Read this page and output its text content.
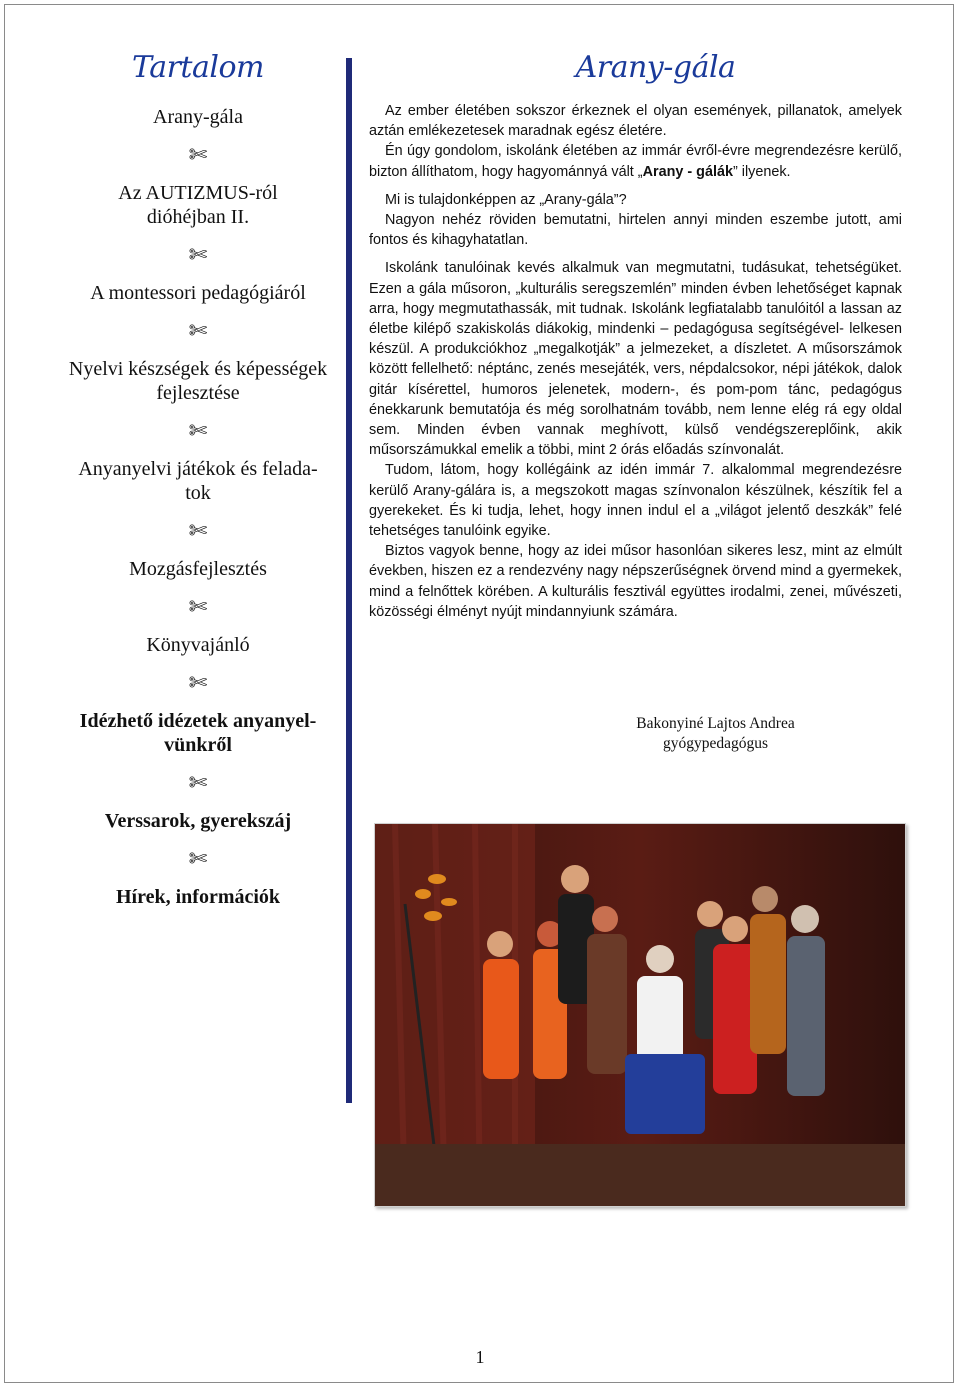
Tartalom
Arany-gála
✄
Az AUTIZMUS-ról
dióhéjban II.
✄
A montessori pedagógiáról
✄
Nyelvi készségek és képességek
fejlesztése
✄
Anyanyelvi játékok és felada-
tok
✄
Mozgásfejlesztés
✄
Könyvajánló
✄
Idézhető idézetek anyanyel-
vünkről
✄
Verssarok, gyerekszáj
✄
Hírek, információk
Arany-gála

Az ember életében sokszor érkeznek el olyan események, pillanatok, amelyek aztán emlékezetesek maradnak egész életére.

Én úgy gondolom, iskolánk életében az immár évről-évre megrendezésre kerülő, bizton állíthatom, hogy hagyománnyá vált „Arany - gálák” ilyenek.

Mi is tulajdonképpen az „Arany-gála”?

Nagyon nehéz röviden bemutatni, hirtelen annyi minden eszembe jutott, ami fontos és kihagyhatatlan.

Iskolánk tanulóinak kevés alkalmuk van megmutatni, tudásukat, tehetségüket. Ezen a gála műsoron, „kulturális seregszemlén” minden évben lehetőséget kapnak arra, hogy megmutathassák, mit tudnak. Iskolánk legfiatalabb tanulóitól a lassan az életbe kilépő szakiskolás diákokig, mindenki – pedagógusa segítségével- lelkesen készül. A produkciókhoz „megalkotják” a jelmezeket, a díszletet. A műsorszámok között fellelhető: néptánc, zenés mesejáték, vers, népdalcsokor, népi játékok, dalok gitár kísérettel, humoros jelenetek, modern-, és pom-pom tánc, pedagógus énekkarunk bemutatója és még sorolhatnám tovább, nem lenne elég rá egy oldal sem. Minden évben vannak meghívott, külső vendégszereplőink, akik műsorszámukkal emelik a többi, mint 2 órás előadás színvonalát.

Tudom, látom, hogy kollégáink az idén immár 7. alkalommal megrendezésre kerülő Arany-gálára is, a megszokott magas színvonalon készülnek, készítik fel a gyerekeket. És ki tudja, lehet, hogy innen indul el a „világot jelentő deszkák” felé tehetséges tanulóink egyike.

Biztos vagyok benne, hogy az idei műsor hasonlóan sikeres lesz, mint az elmúlt években, hiszen ez a rendezvény nagy népszerűségnek örvend mind a gyermekek, mind a felnőttek körében. A kulturális fesztivál együttes irodalmi, zenei, művészeti, közösségi élményt nyújt mindannyiunk számára.

Bakonyiné Lajtos Andrea
gyógypedagógus
1
